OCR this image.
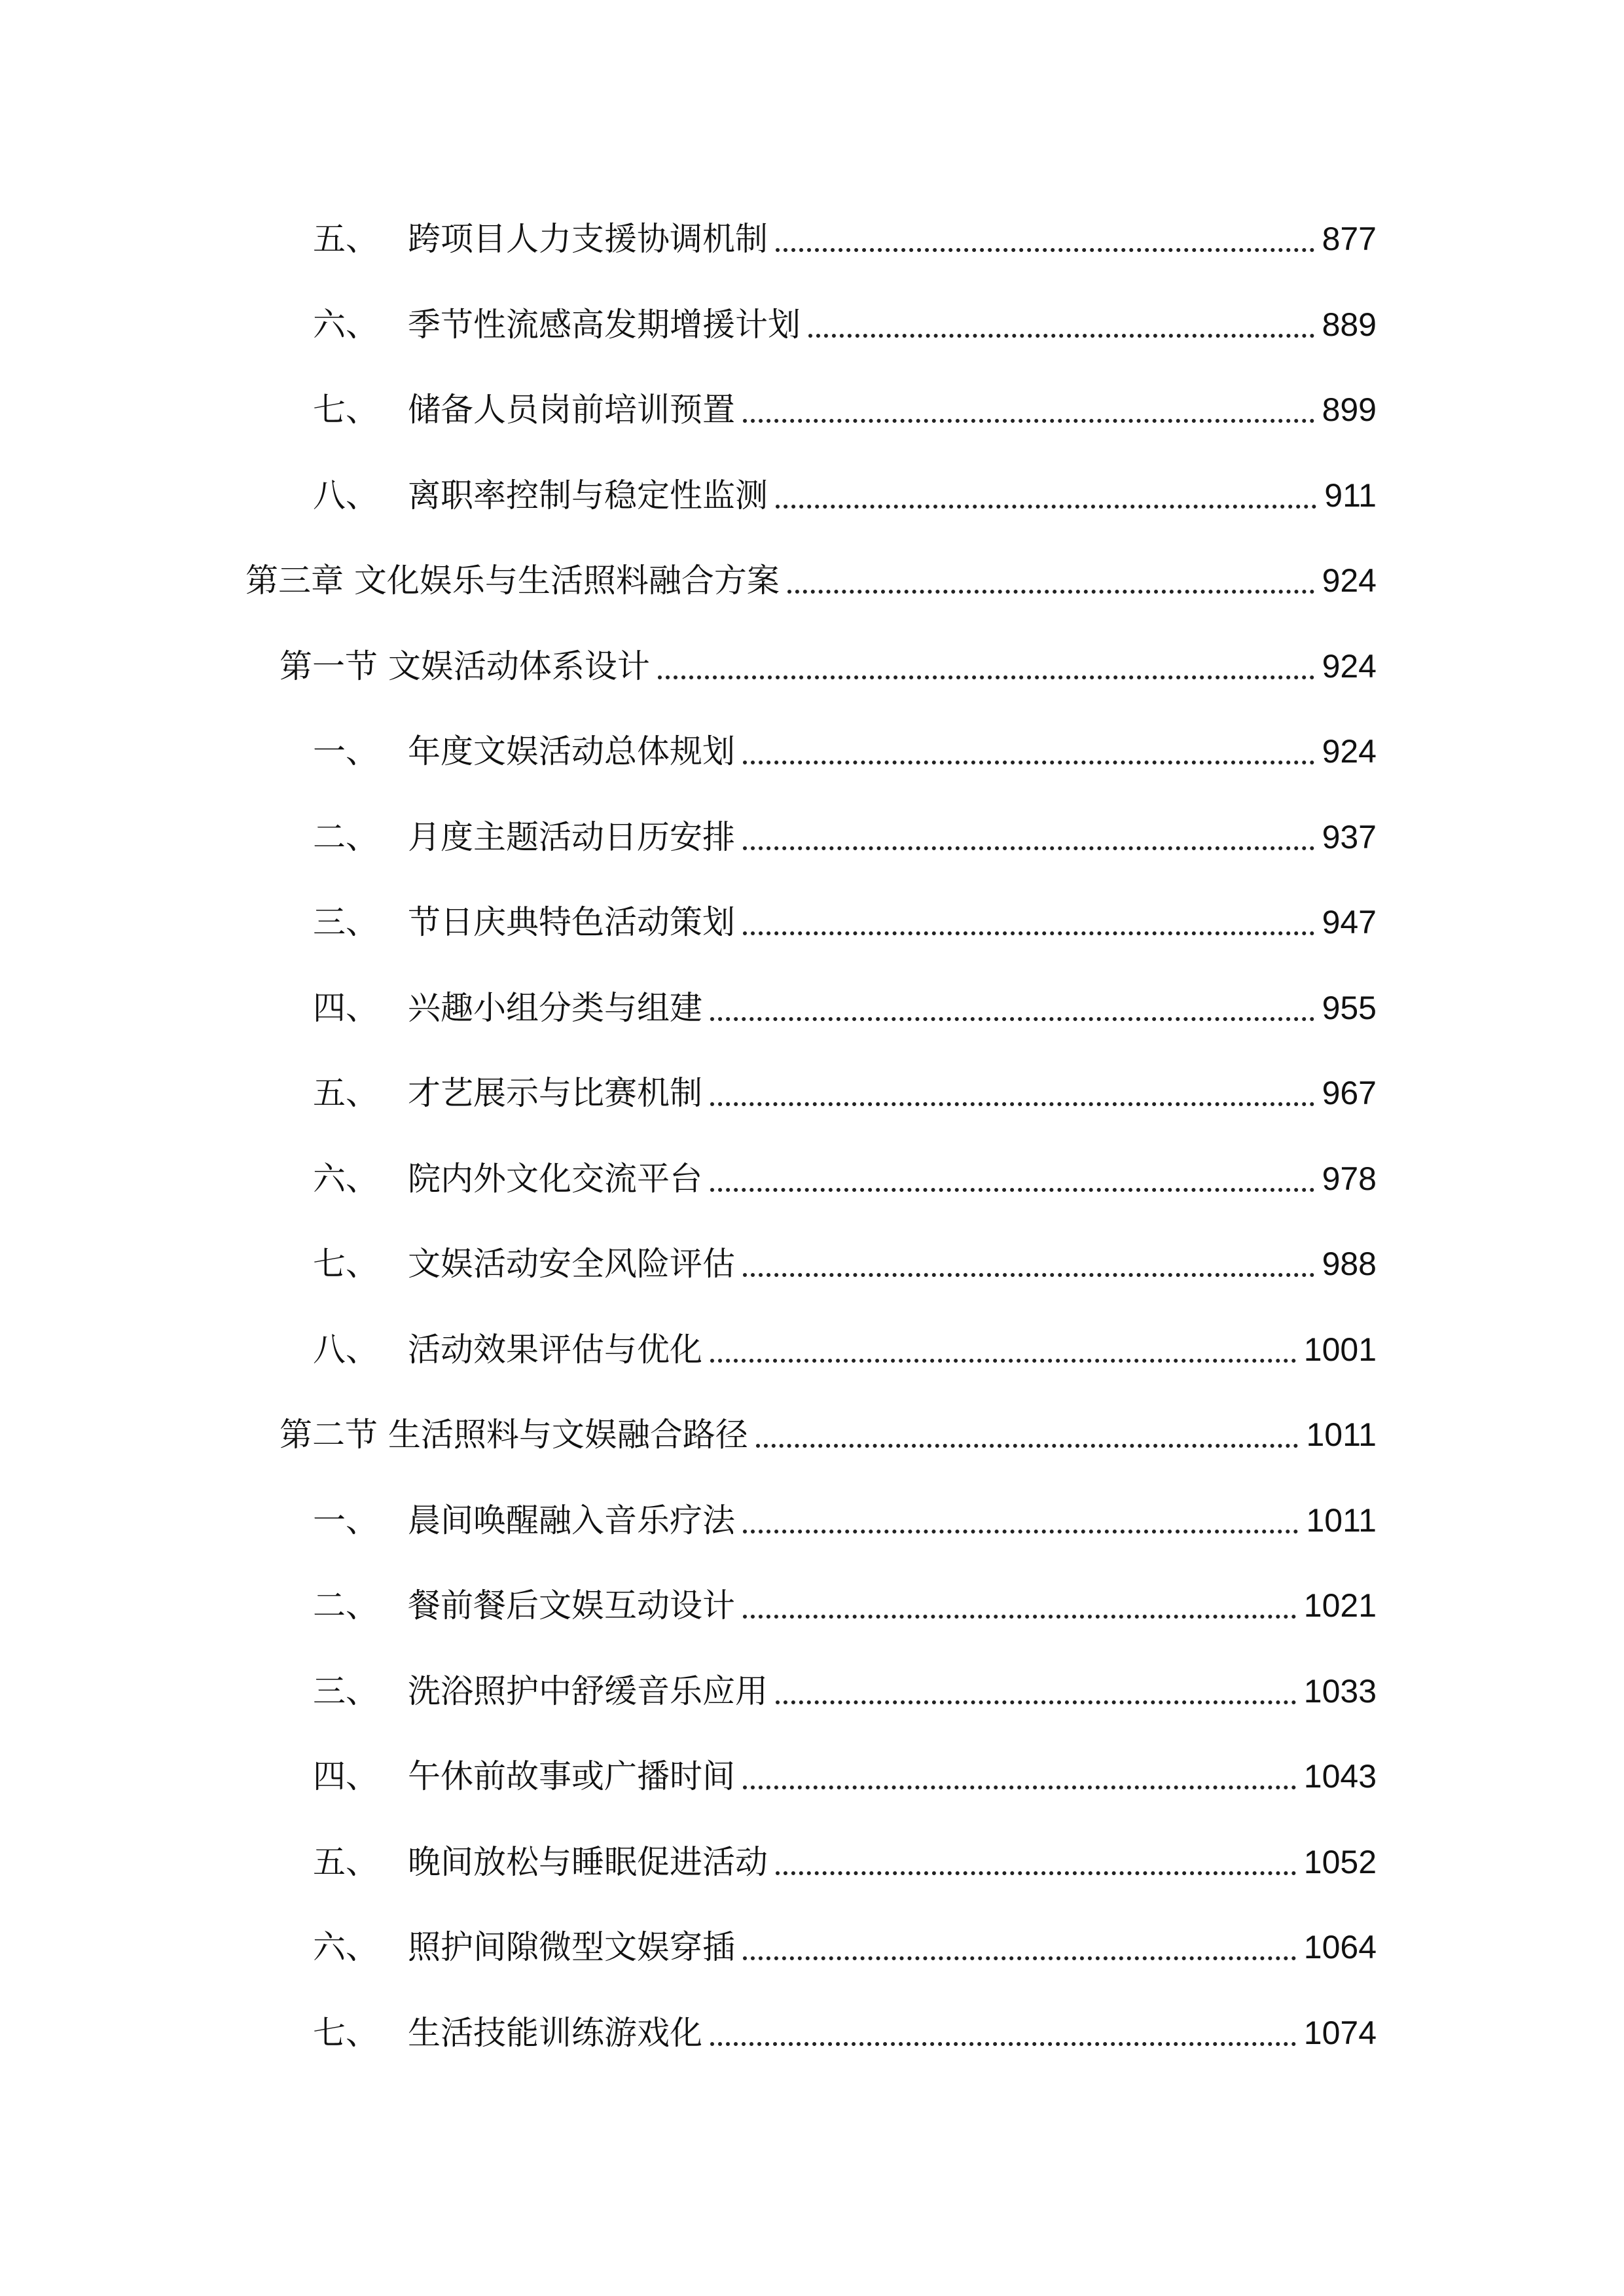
五、 跨项目人力支援协调机制	877
六、 季节性流感高发期增援计划	889
七、 储备人员岗前培训预置	899
八、 离职率控制与稳定性监测	911
第三章 文化娱乐与生活照料融合方案	924
第一节 文娱活动体系设计	924
一、 年度文娱活动总体规划	924
二、 月度主题活动日历安排	937
三、 节日庆典特色活动策划	947
四、 兴趣小组分类与组建	955
五、 才艺展示与比赛机制	967
六、 院内外文化交流平台	978
七、 文娱活动安全风险评估	988
八、 活动效果评估与优化	1001
第二节 生活照料与文娱融合路径	1011
一、 晨间唤醒融入音乐疗法	1011
二、 餐前餐后文娱互动设计	1021
三、 洗浴照护中舒缓音乐应用	1033
四、 午休前故事或广播时间	1043
五、 晚间放松与睡眠促进活动	1052
六、 照护间隙微型文娱穿插	1064
七、 生活技能训练游戏化	1074
